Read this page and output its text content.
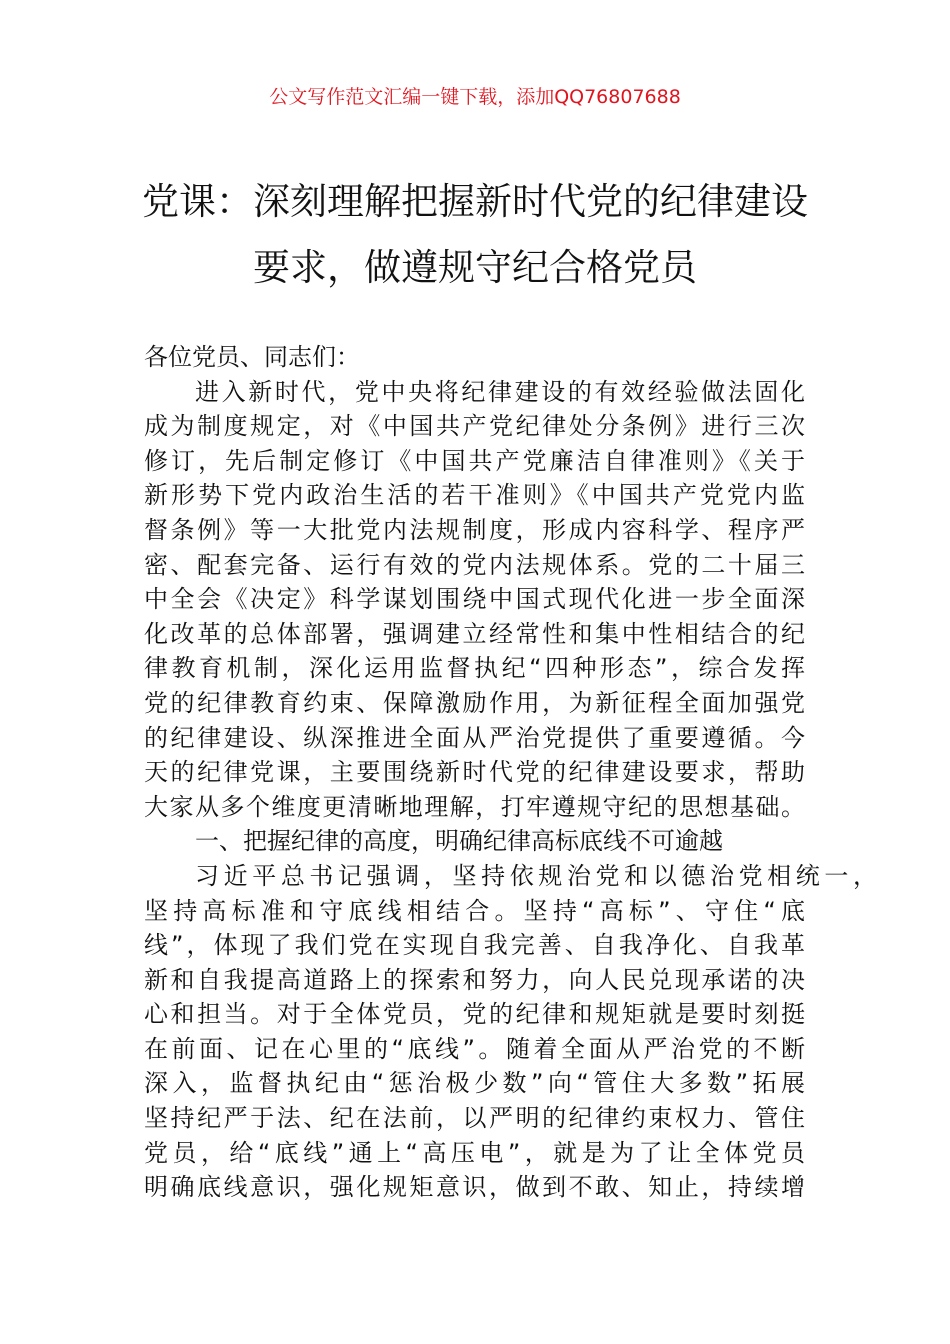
公文写作范文汇编一键下载，添加QQ76807688
党课：深刻理解把握新时代党的纪律建设
要求，做遵规守纪合格党员
各位党员、同志们：
进入新时代，党中央将纪律建设的有效经验做法固化
成为制度规定，对《中国共产党纪律处分条例》进行三次
修订，先后制定修订《中国共产党廉洁自律准则》《关于
新形势下党内政治生活的若干准则》《中国共产党党内监
督条例》等一大批党内法规制度，形成内容科学、程序严
密、配套完备、运行有效的党内法规体系。党的二十届三
中全会《决定》科学谋划围绕中国式现代化进一步全面深
化改革的总体部署，强调建立经常性和集中性相结合的纪
律教育机制，深化运用监督执纪“四种形态”，综合发挥
党的纪律教育约束、保障激励作用，为新征程全面加强党
的纪律建设、纵深推进全面从严治党提供了重要遵循。今
天的纪律党课，主要围绕新时代党的纪律建设要求，帮助
大家从多个维度更清晰地理解，打牢遵规守纪的思想基础。
一、把握纪律的高度，明确纪律高标底线不可逾越
习近平总书记强调，坚持依规治党和以德治党相统一，
坚持高标准和守底线相结合。坚持“高标”、守住“底
线”，体现了我们党在实现自我完善、自我净化、自我革
新和自我提高道路上的探索和努力，向人民兑现承诺的决
心和担当。对于全体党员，党的纪律和规矩就是要时刻挺
在前面、记在心里的“底线”。随着全面从严治党的不断
深入，监督执纪由“惩治极少数”向“管住大多数”拓展
坚持纪严于法、纪在法前，以严明的纪律约束权力、管住
党员，给“底线”通上“高压电”，就是为了让全体党员
明确底线意识，强化规矩意识，做到不敢、知止，持续增
